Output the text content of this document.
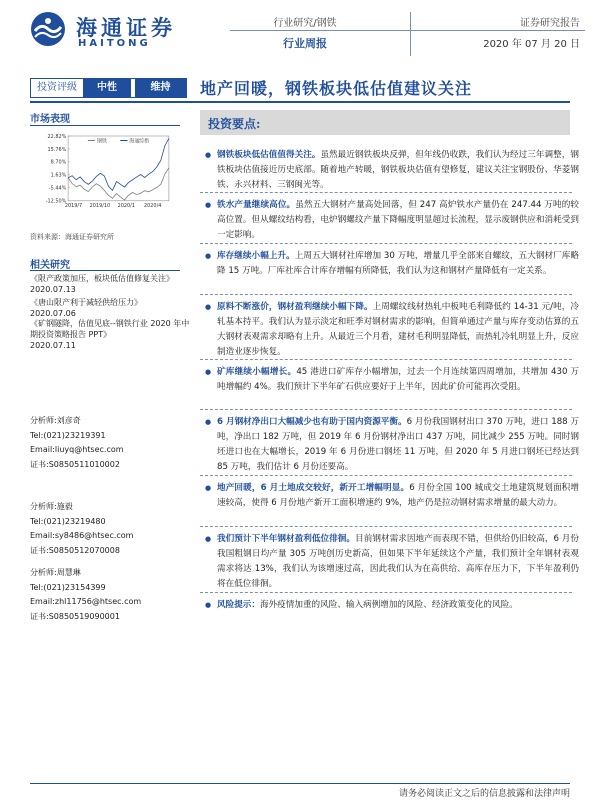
海通证券
HAITONG
行业研究/钢铁
行业周报
证券研究报告
2020 年 07 月 20 日
投资评级	中性	维持	地产回暖，钢铁板块低估值建议关注
市场表现
22.82%
15.76%
8.70%
1.63%
-5.44%
-12.50%
2019/7 2019/10 2020/1 2020/4
钢铁	海通综指
资料来源：海通证券研究所
相关研究
《限产政策加压，板块低估值修复关注》
2020.07.13
《唐山限产利于减轻供给压力》
2020.07.06
《矿钢隧降，估值见底--钢铁行业 2020 年中期投资策略报告 PPT》
2020.07.11
分析师:刘彦奇
Tel:(021)23219391
Email:liuyq@htsec.com
证书:S0850511010002
分析师:施毅
Tel:(021)23219480
Email:sy8486@htsec.com
证书:S0850512070008
分析师:周慧琳
Tel:(021)23154399
Email:zhl11756@htsec.com
证书:S0850519090001
投资要点:
● 钢铁板块低估值值得关注。虽然最近钢铁板块反弹，但年线仍收跌，我们认为经过三年调整，钢铁板块估值接近历史底部。随着地产转暖，钢铁板块估值有望修复，建议关注宝钢股份、华菱钢铁、永兴材料、三钢闽光等。
● 铁水产量继续高位。虽然五大钢材产量高处回落，但 247 高炉铁水产量仍在 247.44 万吨的较高位置。但从螺纹结构看，电炉钢螺纹产量下降幅度明显超过长流程，显示废钢供应和消耗受到一定影响。
● 库存继续小幅上升。上周五大钢材社库增加 30 万吨，增量几乎全部来自螺纹，五大钢材厂库略降 15 万吨。厂库社库合计库存增幅有所降低，我们认为这和钢材产量降低有一定关系。
● 原料不断涨价，钢材盈利继续小幅下降。上周螺纹线材热轧中板吨毛利降低约 14-31 元/吨，冷轧基本持平。我们认为显示淡定和旺季对钢材需求的影响，但简单通过产量与库存变动估算的五大钢材表观需求却略有上升。从最近三个月看，建材毛利明显降低，而热轧冷轧明显上升，反应制造业逐步恢复。
● 矿库继续小幅增长。45 港进口矿库存小幅增加，过去一个月连续第四周增加，共增加 430 万吨增幅约 4%。我们预计下半年矿石供应要好于上半年，因此矿价可能再次受阻。
● 6 月钢材净出口大幅减少也有助于国内资源平衡。6 月份我国钢材出口 370 万吨，进口 188 万吨，净出口 182 万吨，但 2019 年 6 月份钢材净出口 437 万吨，同比减少 255 万吨。同时钢坯进口也在大幅增长，2019 年 6 月份进口钢坯 11 万吨，但 2020 年 5 月进口钢坯已经达到 85 万吨，我们估计 6 月份还要高。
● 地产回暖，6 月土地成交较好，新开工增幅明显。6 月份全国 100 城成交土地建筑规划面积增速较高，使得 6 月份地产新开工面积增速约 9%，地产仍是拉动钢材需求增量的最大动力。
● 我们预计下半年钢材盈利低位徘徊。目前钢材需求因地产而表现不错，但供给仍旧较高，6 月份我国粗钢日均产量 305 万吨创历史新高，但如果下半年延续这个产量，我们预计全年钢材表观需求将达 13%，我们认为该增速过高，因此我们认为在高供给、高库存压力下，下半年盈利仍将在低位徘徊。
● 风险提示：海外疫情加重的风险、输入病例增加的风险、经济政策变化的风险。
请务必阅读正文之后的信息披露和法律声明
